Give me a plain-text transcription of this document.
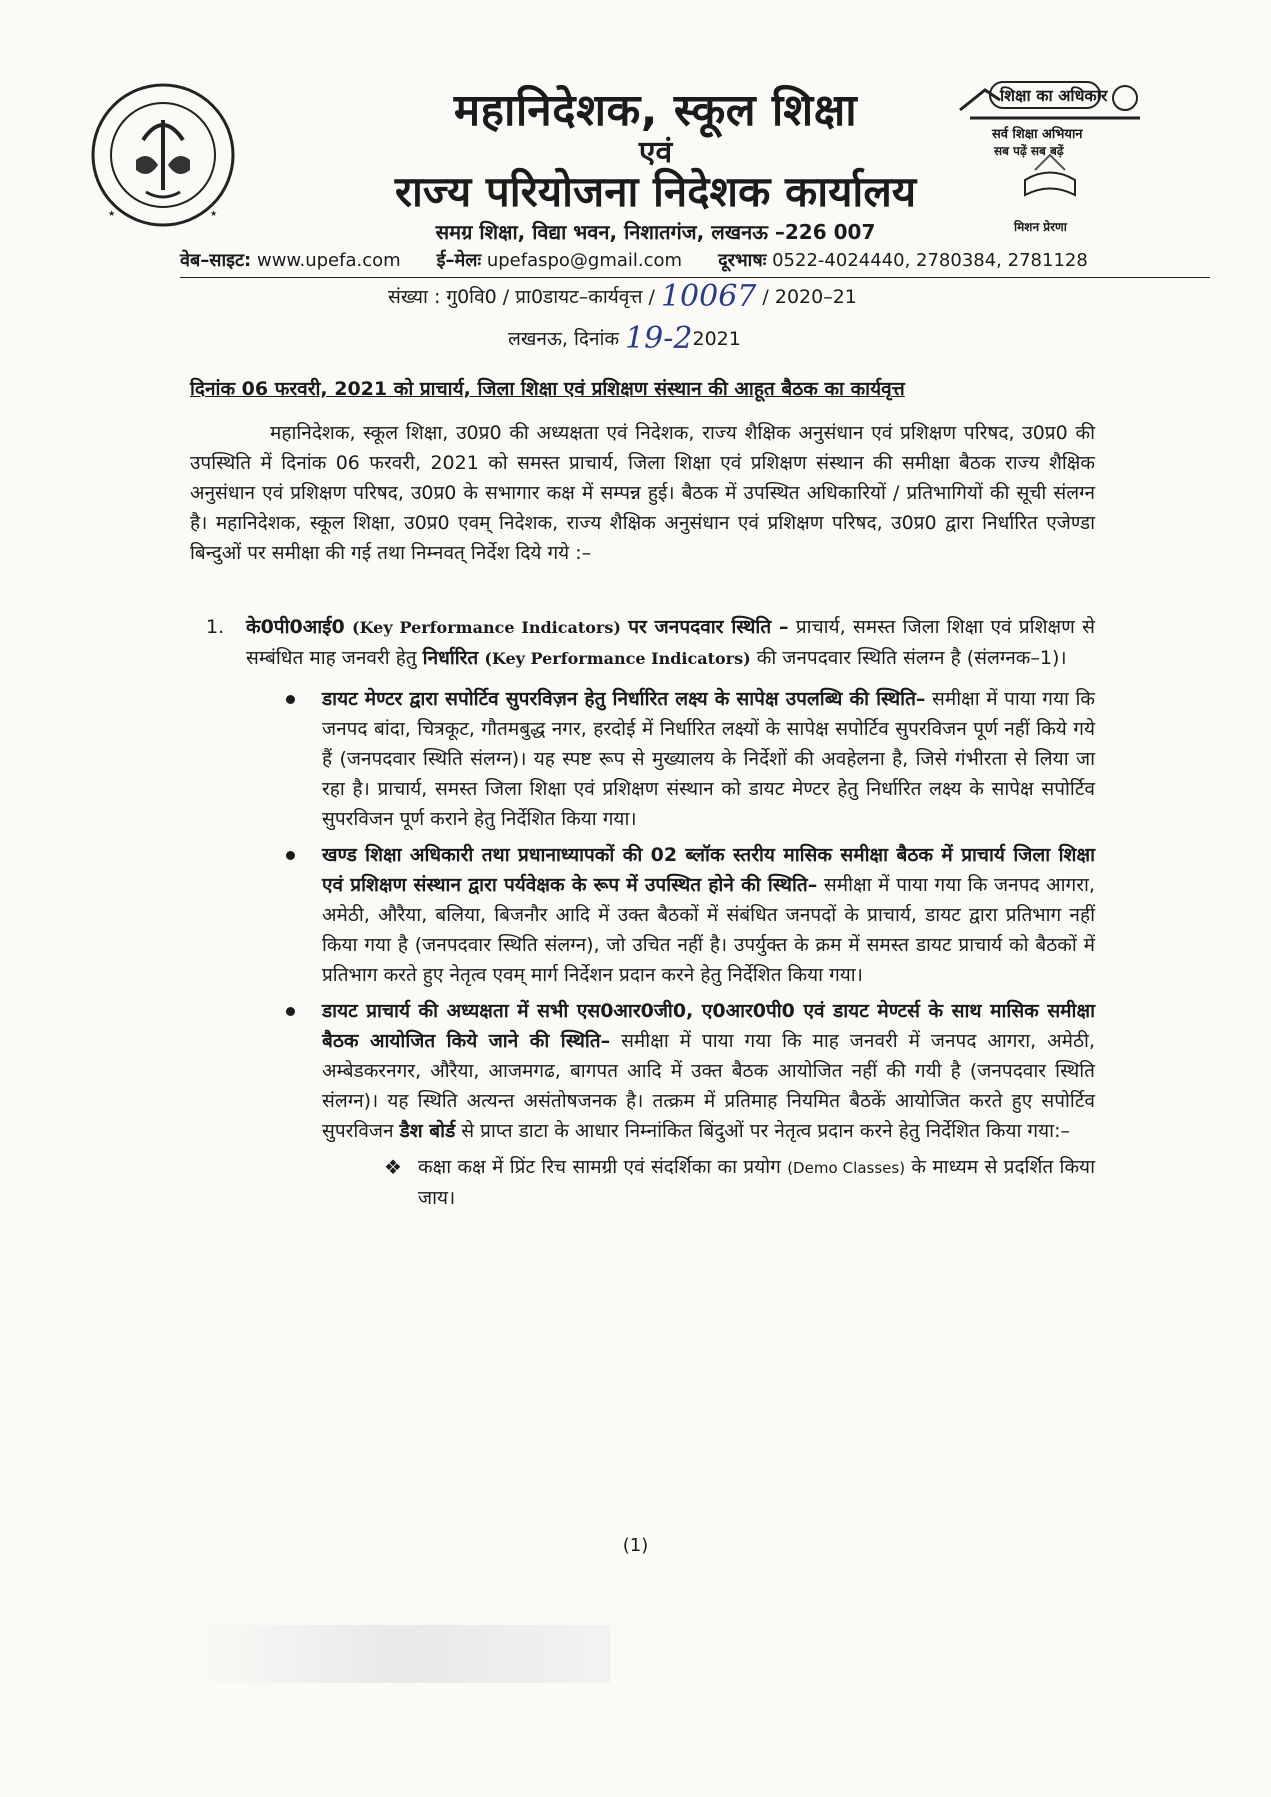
★	★
शिक्षा का अधिकार
सर्व शिक्षा अभियान
सब पढ़ें सब बढ़ें
मिशन प्रेरणा
महानिदेशक, स्कूल शिक्षा
एवं
राज्य परियोजना निदेशक कार्यालय
समग्र शिक्षा, विद्या भवन, निशातगंज, लखनऊ –226 007
वेब–साइट: www.upefa.com ई–मेलः upefaspo@gmail.com दूरभाषः 0522-4024440, 2780384, 2781128
संख्या : गु0वि0 / प्रा0डायट–कार्यवृत्त / 10067 / 2020–21
लखनऊ, दिनांक 19-22021
दिनांक 06 फरवरी, 2021 को प्राचार्य, जिला शिक्षा एवं प्रशिक्षण संस्थान की आहूत बैठक का कार्यवृत्त

महानिदेशक, स्कूल शिक्षा, उ0प्र0 की अध्यक्षता एवं निदेशक, राज्य शैक्षिक अनुसंधान एवं प्रशिक्षण परिषद, उ0प्र0 की उपस्थिति में दिनांक 06 फरवरी, 2021 को समस्त प्राचार्य, जिला शिक्षा एवं प्रशिक्षण संस्थान की समीक्षा बैठक राज्य शैक्षिक अनुसंधान एवं प्रशिक्षण परिषद, उ0प्र0 के सभागार कक्ष में सम्पन्न हुई। बैठक में उपस्थित अधिकारियों / प्रतिभागियों की सूची संलग्न है। महानिदेशक, स्कूल शिक्षा, उ0प्र0 एवम् निदेशक, राज्य शैक्षिक अनुसंधान एवं प्रशिक्षण परिषद, उ0प्र0 द्वारा निर्धारित एजेण्डा बिन्दुओं पर समीक्षा की गई तथा निम्नवत् निर्देश दिये गये :–

1. के0पी0आई0 (Key Performance Indicators) पर जनपदवार स्थिति – प्राचार्य, समस्त जिला शिक्षा एवं प्रशिक्षण से सम्बंधित माह जनवरी हेतु निर्धारित (Key Performance Indicators) की जनपदवार स्थिति संलग्न है (संलग्नक–1)।
डायट मेण्टर द्वारा सपोर्टिव सुपरविज़न हेतु निर्धारित लक्ष्य के सापेक्ष उपलब्धि की स्थिति– समीक्षा में पाया गया कि जनपद बांदा, चित्रकूट, गौतमबुद्ध नगर, हरदोई में निर्धारित लक्ष्यों के सापेक्ष सपोर्टिव सुपरविजन पूर्ण नहीं किये गये हैं (जनपदवार स्थिति संलग्न)। यह स्पष्ट रूप से मुख्यालय के निर्देशों की अवहेलना है, जिसे गंभीरता से लिया जा रहा है। प्राचार्य, समस्त जिला शिक्षा एवं प्रशिक्षण संस्थान को डायट मेण्टर हेतु निर्धारित लक्ष्य के सापेक्ष सपोर्टिव सुपरविजन पूर्ण कराने हेतु निर्देशित किया गया।
खण्ड शिक्षा अधिकारी तथा प्रधानाध्यापकों की 02 ब्लॉक स्तरीय मासिक समीक्षा बैठक में प्राचार्य जिला शिक्षा एवं प्रशिक्षण संस्थान द्वारा पर्यवेक्षक के रूप में उपस्थित होने की स्थिति– समीक्षा में पाया गया कि जनपद आगरा, अमेठी, औरैया, बलिया, बिजनौर आदि में उक्त बैठकों में संबंधित जनपदों के प्राचार्य, डायट द्वारा प्रतिभाग नहीं किया गया है (जनपदवार स्थिति संलग्न), जो उचित नहीं है। उपर्युक्त के क्रम में समस्त डायट प्राचार्य को बैठकों में प्रतिभाग करते हुए नेतृत्व एवम् मार्ग निर्देशन प्रदान करने हेतु निर्देशित किया गया।
डायट प्राचार्य की अध्यक्षता में सभी एस0आर0जी0, ए0आर0पी0 एवं डायट मेण्टर्स के साथ मासिक समीक्षा बैठक आयोजित किये जाने की स्थिति– समीक्षा में पाया गया कि माह जनवरी में जनपद आगरा, अमेठी, अम्बेडकरनगर, औरैया, आजमगढ, बागपत आदि में उक्त बैठक आयोजित नहीं की गयी है (जनपदवार स्थिति संलग्न)। यह स्थिति अत्यन्त असंतोषजनक है। तत्क्रम में प्रतिमाह नियमित बैठकें आयोजित करते हुए सपोर्टिव सुपरविजन डैश बोर्ड से प्राप्त डाटा के आधार निम्नांकित बिंदुओं पर नेतृत्व प्रदान करने हेतु निर्देशित किया गया:–
❖ कक्षा कक्ष में प्रिंट रिच सामग्री एवं संदर्शिका का प्रयोग (Demo Classes) के माध्यम से प्रदर्शित किया जाय।
(1)
